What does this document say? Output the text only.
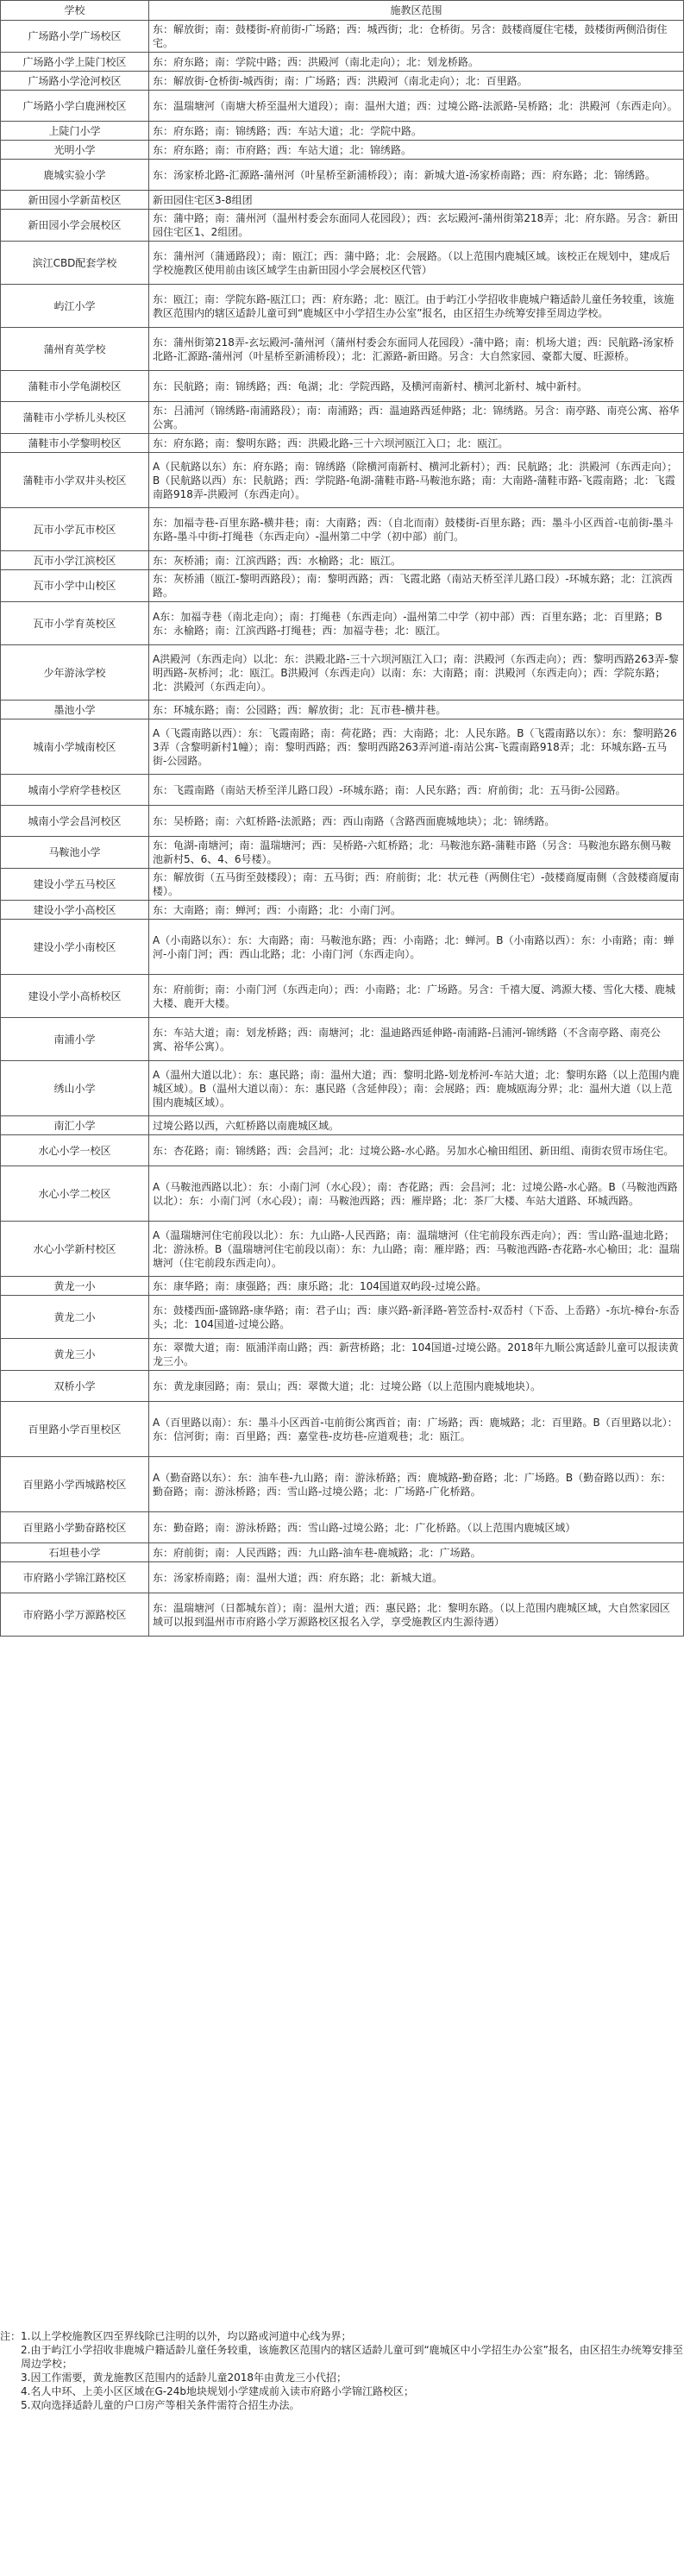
学校	施教区范围
广场路小学广场校区	东：解放街；南：鼓楼街-府前街-广场路；西：城西街；北：仓桥街。另含：鼓楼商厦住宅楼，鼓楼街两侧沿街住宅。
广场路小学上陡门校区	东：府东路；南：学院中路；西：洪殿河（南北走向）；北：划龙桥路。
广场路小学沧河校区	东：解放街-仓桥街-城西街；南：广场路；西：洪殿河（南北走向）；北：百里路。
广场路小学白鹿洲校区	东：温瑞塘河（南塘大桥至温州大道段）；南：温州大道；西：过境公路-法派路-吴桥路；北：洪殿河（东西走向）。
上陡门小学	东：府东路；南：锦绣路；西：车站大道；北：学院中路。
光明小学	东：府东路；南：市府路；西：车站大道；北：锦绣路。
鹿城实验小学	东：汤家桥北路-汇源路-蒲州河（叶星桥至新浦桥段）；南：新城大道-汤家桥南路；西：府东路；北：锦绣路。
新田园小学新苗校区	新田园住宅区3-8组团
新田园小学会展校区	东：蒲中路；南：蒲州河（温州村委会东面同人花园段）；西：玄坛殿河-蒲州街第218弄；北：府东路。另含：新田园住宅区1、2组团。
滨江CBD配套学校	东：蒲州河（蒲通路段）；南：瓯江；西：蒲中路；北：会展路。（以上范围内鹿城区域。该校正在规划中，建成后学校施教区使用前由该区域学生由新田园小学会展校区代管）
屿江小学	东：瓯江；南：学院东路-瓯江口；西：府东路；北：瓯江。由于屿江小学招收非鹿城户籍适龄儿童任务较重，该施教区范围内的辖区适龄儿童可到“鹿城区中小学招生办公室”报名，由区招生办统筹安排至周边学校。
蒲州育英学校	东：蒲州街第218弄-玄坛殿河-蒲州河（蒲州村委会东面同人花园段）-蒲中路；南：机场大道；西：民航路-汤家桥北路-汇源路-蒲州河（叶星桥至新浦桥段）；北：汇源路-新田路。另含：大自然家园、豪都大厦、旺源桥。
蒲鞋市小学龟湖校区	东：民航路；南：锦绣路；西：龟湖；北：学院西路，及横河南新村、横河北新村、城中新村。
蒲鞋市小学桥儿头校区	东：吕浦河（锦绣路-南浦路段）；南：南浦路；西：温迪路西延伸路；北：锦绣路。另含：南亭路、南亮公寓、裕华公寓。
蒲鞋市小学黎明校区	东：府东路；南：黎明东路；西：洪殿北路-三十六坝河瓯江入口；北：瓯江。
蒲鞋市小学双井头校区	A（民航路以东）东：府东路；南：锦绣路（除横河南新村、横河北新村）；西：民航路；北：洪殿河（东西走向）；B（民航路以西）东：民航路；西：学院路-龟湖-蒲鞋市路-马鞍池东路；南：大南路-蒲鞋市路-飞霞南路；北：飞霞南路918弄-洪殿河（东西走向）。
瓦市小学瓦市校区	东：加福寺巷-百里东路-横井巷；南：大南路；西：（自北而南）鼓楼街-百里东路；西：墨斗小区西首-屯前街-墨斗东路-墨斗中街-打绳巷（东西走向）-温州第二中学（初中部）前门。
瓦市小学江滨校区	东：灰桥浦；南：江滨西路；西：水榆路；北：瓯江。
瓦市小学中山校区	东：灰桥浦（瓯江-黎明西路段）；南：黎明西路；西：飞霞北路（南站天桥至洋儿路口段）-环城东路；北：江滨西路。
瓦市小学育英校区	A东：加福寺巷（南北走向）；南：打绳巷（东西走向）-温州第二中学（初中部）西：百里东路；北：百里路；B东：永榆路；南：江滨西路-打绳巷；西：加福寺巷；北：瓯江。
少年游泳学校	A洪殿河（东西走向）以北：东：洪殿北路-三十六坝河瓯江入口；南：洪殿河（东西走向）；西：黎明西路263弄-黎明西路-灰桥河；北：瓯江。B洪殿河（东西走向）以南：东：大南路；南：洪殿河（东西走向）；西：学院东路；北：洪殿河（东西走向）。
墨池小学	东：环城东路；南：公园路；西：解放街；北：瓦市巷-横井巷。
城南小学城南校区	A（飞霞南路以西）：东：飞霞南路；南：荷花路；西：大南路；北：人民东路。B（飞霞南路以东）：东：黎明路263弄（含黎明新村1幢）；南：黎明西路；西：黎明西路263弄河道-南站公寓-飞霞南路918弄；北：环城东路-五马街-公园路。
城南小学府学巷校区	东：飞霞南路（南站天桥至洋儿路口段）-环城东路；南：人民东路；西：府前街；北：五马街-公园路。
城南小学会昌河校区	东：吴桥路；南：六虹桥路-法派路；西：西山南路（含路西面鹿城地块）；北：锦绣路。
马鞍池小学	东：龟湖-南塘河；南：温瑞塘河；西：吴桥路-六虹桥路；北：马鞍池东路-蒲鞋市路（另含：马鞍池东路东侧马鞍池新村5、6、4、6号楼）。
建设小学五马校区	东：解放街（五马街至鼓楼段）；南：五马街；西：府前街；北：状元巷（两侧住宅）-鼓楼商厦南侧（含鼓楼商厦南楼）。
建设小学小高校区	东：大南路；南：蝉河；西：小南路；北：小南门河。
建设小学小南校区	A（小南路以东）：东：大南路；南：马鞍池东路；西：小南路；北：蝉河。B（小南路以西）：东：小南路；南：蝉河-小南门河；西：西山北路；北：小南门河（东西走向）。
建设小学小高桥校区	东：府前街；南：小南门河（东西走向）；西：小南路；北：广场路。另含：千禧大厦、鸿源大楼、雪化大楼、鹿城大楼、鹿开大楼。
南浦小学	东：车站大道；南：划龙桥路；西：南塘河；北：温迪路西延伸路-南浦路-吕浦河-锦绣路（不含南亭路、南亮公寓、裕华公寓）。
绣山小学	A（温州大道以北）：东：惠民路；南：温州大道；西：黎明北路-划龙桥河-车站大道；北：黎明东路（以上范围内鹿城区域）。B（温州大道以南）：东：惠民路（含延伸段）；南：会展路；西：鹿城瓯海分界；北：温州大道（以上范围内鹿城区域）。
南汇小学	过境公路以西，六虹桥路以南鹿城区域。
水心小学一校区	东：杏花路；南：锦绣路；西：会昌河；北：过境公路-水心路。另加水心榆田组团、新田组、南街农贸市场住宅。
水心小学二校区	A（马鞍池西路以北）：东：小南门河（水心段）；南：杏花路；西：会昌河；北：过境公路-水心路。B（马鞍池西路以北）：东：小南门河（水心段）；南：马鞍池西路；西：雁岸路；北：茶厂大楼、车站大道路、环城西路。
水心小学新村校区	A（温瑞塘河住宅前段以北）：东：九山路-人民西路；南：温瑞塘河（住宅前段东西走向）；西：雪山路-温迪北路；北：游泳桥。B（温瑞塘河住宅前段以南）：东：九山路；南：雁岸路；西：马鞍池西路-杏花路-水心榆田；北：温瑞塘河（住宅前段东西走向）。
黄龙一小	东：康华路；南：康强路；西：康乐路；北：104国道双屿段-过境公路。
黄龙二小	东：鼓楼西面-盛锦路-康华路；南：君子山；西：康兴路-新泽路-箬笠岙村-双岙村（下岙、上岙路）-东坑-樟台-东岙头；北：104国道-过境公路。
黄龙三小	东：翠微大道；南：瓯浦洋南山路；西：新营桥路；北：104国道-过境公路。2018年九顺公寓适龄儿童可以报读黄龙三小。
双桥小学	东：黄龙康园路；南：景山；西：翠微大道；北：过境公路（以上范围内鹿城地块）。
百里路小学百里校区	A（百里路以南）：东：墨斗小区西首-屯前街公寓西首；南：广场路；西：鹿城路；北：百里路。B（百里路以北）：东：信河街；南：百里路；西：嘉堂巷-皮坊巷-应道观巷；北：瓯江。
百里路小学西城路校区	A（勤奋路以东）：东：油车巷-九山路；南：游泳桥路；西：鹿城路-勤奋路；北：广场路。B（勤奋路以西）：东：勤奋路；南：游泳桥路；西：雪山路-过境公路；北：广场路-广化桥路。
百里路小学勤奋路校区	东：勤奋路；南：游泳桥路；西：雪山路-过境公路；北：广化桥路。（以上范围内鹿城区域）
石坦巷小学	东：府前街；南：人民西路；西：九山路-油车巷-鹿城路；北：广场路。
市府路小学锦江路校区	东：汤家桥南路；南：温州大道；西：府东路；北：新城大道。
市府路小学万源路校区	东：温瑞塘河（日都城东首）；南：温州大道；西：惠民路；北：黎明东路。（以上范围内鹿城区域，大自然家园区域可以报到温州市市府路小学万源路校区报名入学，享受施教区内生源待遇）
注：1.以上学校施教区四至界线除已注明的以外，均以路或河道中心线为界；
2.由于屿江小学招收非鹿城户籍适龄儿童任务较重，该施教区范围内的辖区适龄儿童可到“鹿城区中小学招生办公室”报名，由区招生办统筹安排至周边学校；
3.因工作需要，黄龙施教区范围内的适龄儿童2018年由黄龙三小代招；
4.名人中环、上美小区区域在G-24b地块规划小学建成前入读市府路小学锦江路校区；
5.双向选择适龄儿童的户口房产等相关条件需符合招生办法。
